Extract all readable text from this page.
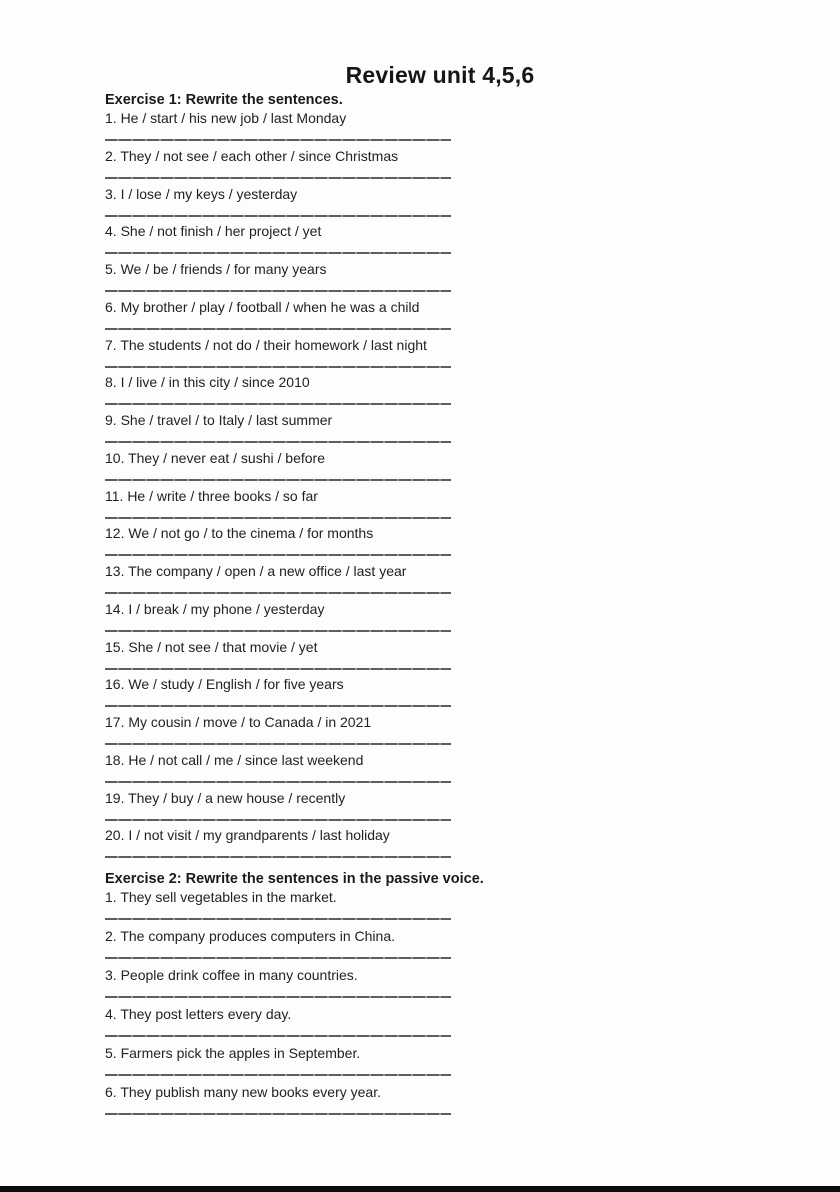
Review unit 4,5,6
Exercise 1: Rewrite the sentences.
1. He / start / his new job / last Monday
2. They / not see / each other / since Christmas
3. I / lose / my keys / yesterday
4. She / not finish / her project / yet
5. We / be / friends / for many years
6. My brother / play / football / when he was a child
7. The students / not do / their homework / last night
8. I / live / in this city / since 2010
9. She / travel / to Italy / last summer
10. They / never eat / sushi / before
11. He / write / three books / so far
12. We / not go / to the cinema / for months
13. The company / open / a new office / last year
14. I / break / my phone / yesterday
15. She / not see / that movie / yet
16. We / study / English / for five years
17. My cousin / move / to Canada / in 2021
18. He / not call / me / since last weekend
19. They / buy / a new house / recently
20. I / not visit / my grandparents / last holiday
Exercise 2: Rewrite the sentences in the passive voice.
1. They sell vegetables in the market.
2. The company produces computers in China.
3. People drink coffee in many countries.
4. They post letters every day.
5. Farmers pick the apples in September.
6. They publish many new books every year.
